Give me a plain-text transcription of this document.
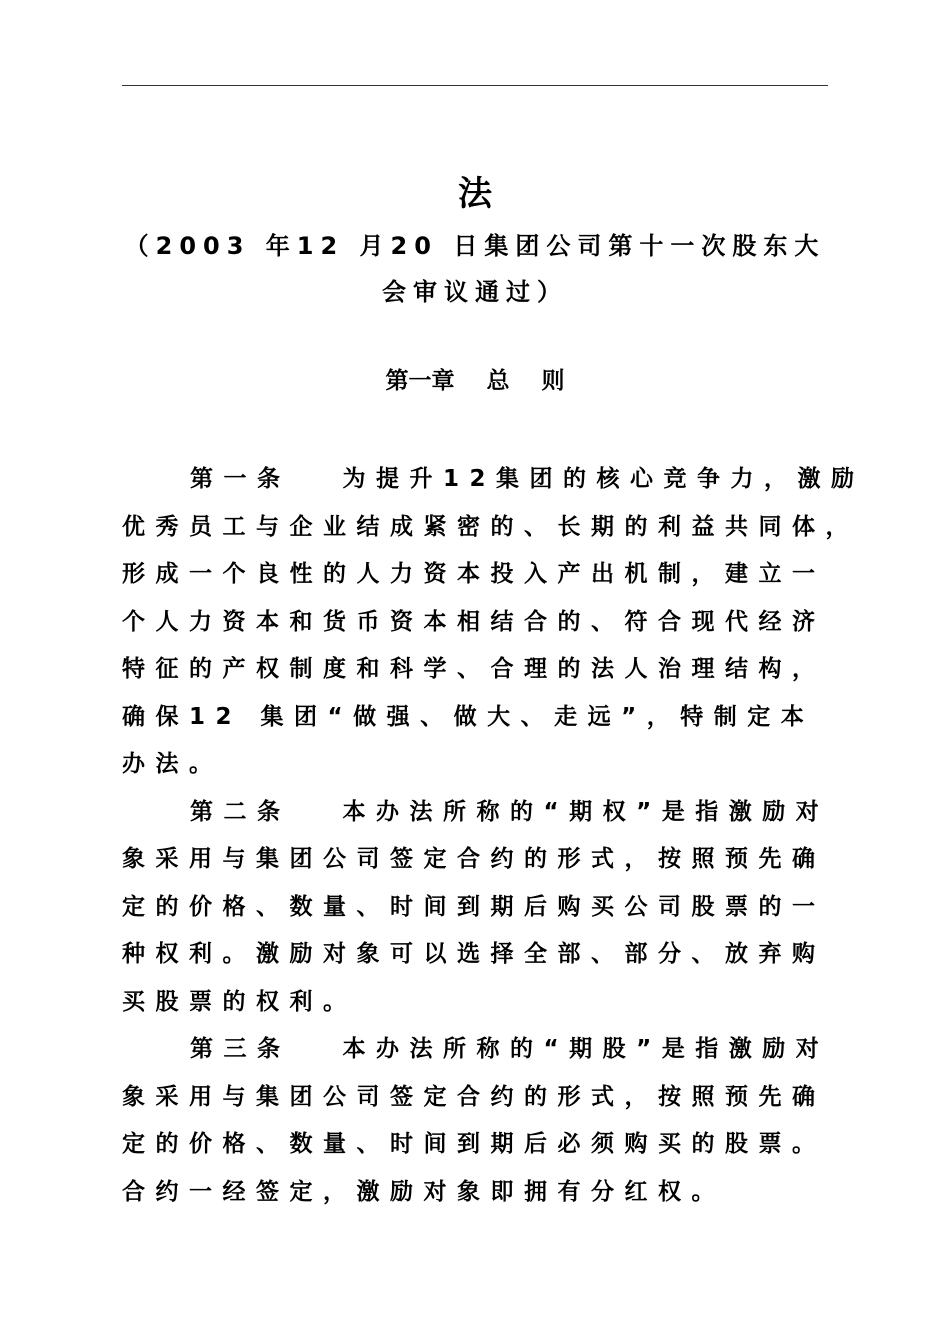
法
（2003 年12 月20 日集团公司第十一次股东大
会审议通过）
第一章    总    则
第一条　 为提升12集团的核心竞争力，激励
优秀员工与企业结成紧密的、长期的利益共同体，
形成一个良性的人力资本投入产出机制，建立一
个人力资本和货币资本相结合的、符合现代经济
特征的产权制度和科学、合理的法人治理结构，
确保12 集团“做强、做大、走远”，特制定本
办法。
第二条　 本办法所称的“期权”是指激励对
象采用与集团公司签定合约的形式，按照预先确
定的价格、数量、时间到期后购买公司股票的一
种权利。激励对象可以选择全部、部分、放弃购
买股票的权利。
第三条　 本办法所称的“期股”是指激励对
象采用与集团公司签定合约的形式，按照预先确
定的价格、数量、时间到期后必须购买的股票。
合约一经签定，激励对象即拥有分红权。
